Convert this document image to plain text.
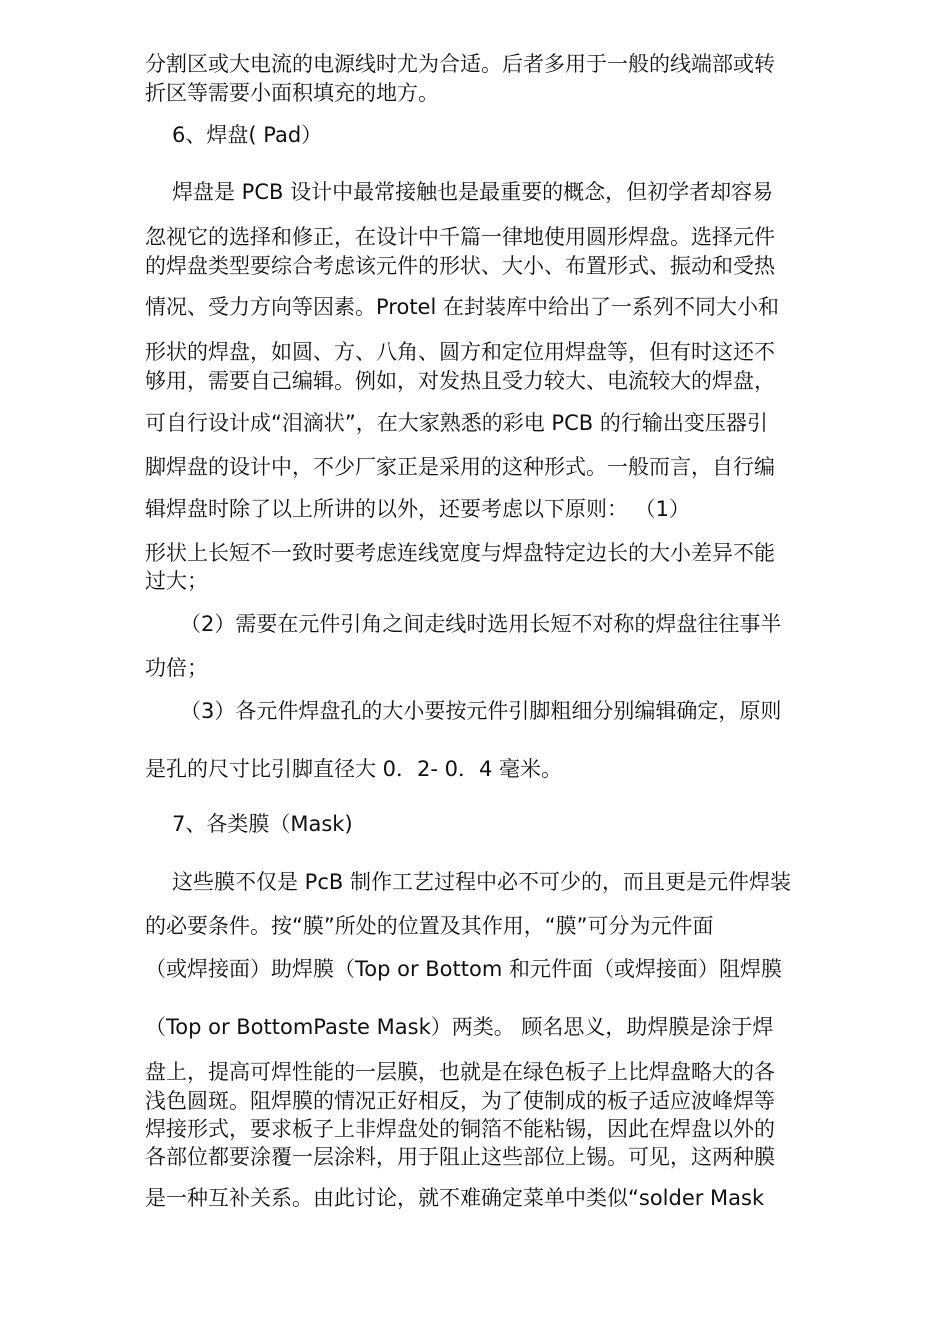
分割区或大电流的电源线时尤为合适。后者多用于一般的线端部或转
折区等需要小面积填充的地方。
6、焊盘( Pad）
焊盘是 PCB 设计中最常接触也是最重要的概念，但初学者却容易
忽视它的选择和修正，在设计中千篇一律地使用圆形焊盘。选择元件
的焊盘类型要综合考虑该元件的形状、大小、布置形式、振动和受热
情况、受力方向等因素。Protel 在封装库中给出了一系列不同大小和
形状的焊盘，如圆、方、八角、圆方和定位用焊盘等，但有时这还不
够用，需要自己编辑。例如，对发热且受力较大、电流较大的焊盘，
可自行设计成“泪滴状”，在大家熟悉的彩电 PCB 的行输出变压器引
脚焊盘的设计中，不少厂家正是采用的这种形式。一般而言，自行编
辑焊盘时除了以上所讲的以外，还要考虑以下原则： （1）
形状上长短不一致时要考虑连线宽度与焊盘特定边长的大小差异不能
过大；
（2）需要在元件引角之间走线时选用长短不对称的焊盘往往事半
功倍；
（3）各元件焊盘孔的大小要按元件引脚粗细分别编辑确定，原则
是孔的尺寸比引脚直径大 0．2- 0．4 毫米。
7、各类膜（Mask)
这些膜不仅是 PcB 制作工艺过程中必不可少的，而且更是元件焊装
的必要条件。按“膜”所处的位置及其作用，“膜”可分为元件面
（或焊接面）助焊膜（Top or Bottom 和元件面（或焊接面）阻焊膜
（Top or BottomPaste Mask）两类。 顾名思义，助焊膜是涂于焊
盘上，提高可焊性能的一层膜，也就是在绿色板子上比焊盘略大的各
浅色圆斑。阻焊膜的情况正好相反，为了使制成的板子适应波峰焊等
焊接形式，要求板子上非焊盘处的铜箔不能粘锡，因此在焊盘以外的
各部位都要涂覆一层涂料，用于阻止这些部位上锡。可见，这两种膜
是一种互补关系。由此讨论，就不难确定菜单中类似“solder Mask
